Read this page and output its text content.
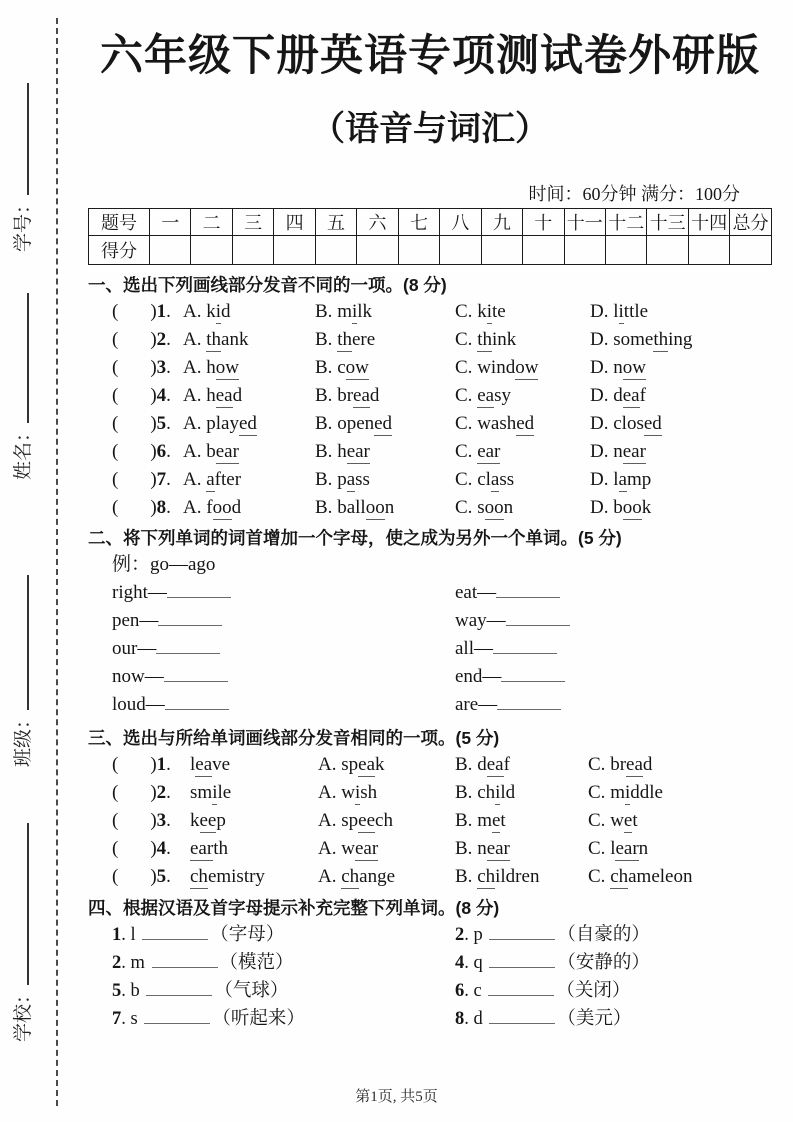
学号：
姓名：
班级：
学校：
六年级下册英语专项测试卷外研版
（语音与词汇）
时间：60分钟 满分：100分
题号	一	二	三	四	五	六	七	八	九	十	十一	十二	十三	十四	总分
得分															
一、选出下列画线部分发音不同的一项。(8 分)
( )1. A. kid	B. milk	C. kite	D. little
( )2. A. thank	B. there	C. think	D. something
( )3. A. how	B. cow	C. window	D. now
( )4. A. head	B. bread	C. easy	D. deaf
( )5. A. played	B. opened	C. washed	D. closed
( )6. A. bear	B. hear	C. ear	D. near
( )7. A. after	B. pass	C. class	D. lamp
( )8. A. food	B. balloon	C. soon	D. book
二、将下列单词的词首增加一个字母，使之成为另外一个单词。(5 分)
例：go—ago
right—	eat—
pen—	way—
our—	all—
now—	end—
loud—	are—
三、选出与所给单词画线部分发音相同的一项。(5 分)
( )1.	leave	A. speak	B. deaf	C. bread
( )2.	smile	A. wish	B. child	C. middle
( )3.	keep	A. speech	B. met	C. wet
( )4.	earth	A. wear	B. near	C. learn
( )5.	chemistry	A. change	B. children	C. chameleon
四、根据汉语及首字母提示补充完整下列单词。(8 分)
1. l	（字母）	2. p	（自豪的）
2. m	（模范）	4. q	（安静的）
5. b	（气球）	6. c	（关闭）
7. s	（听起来）	8. d	（美元）
第1页, 共5页
